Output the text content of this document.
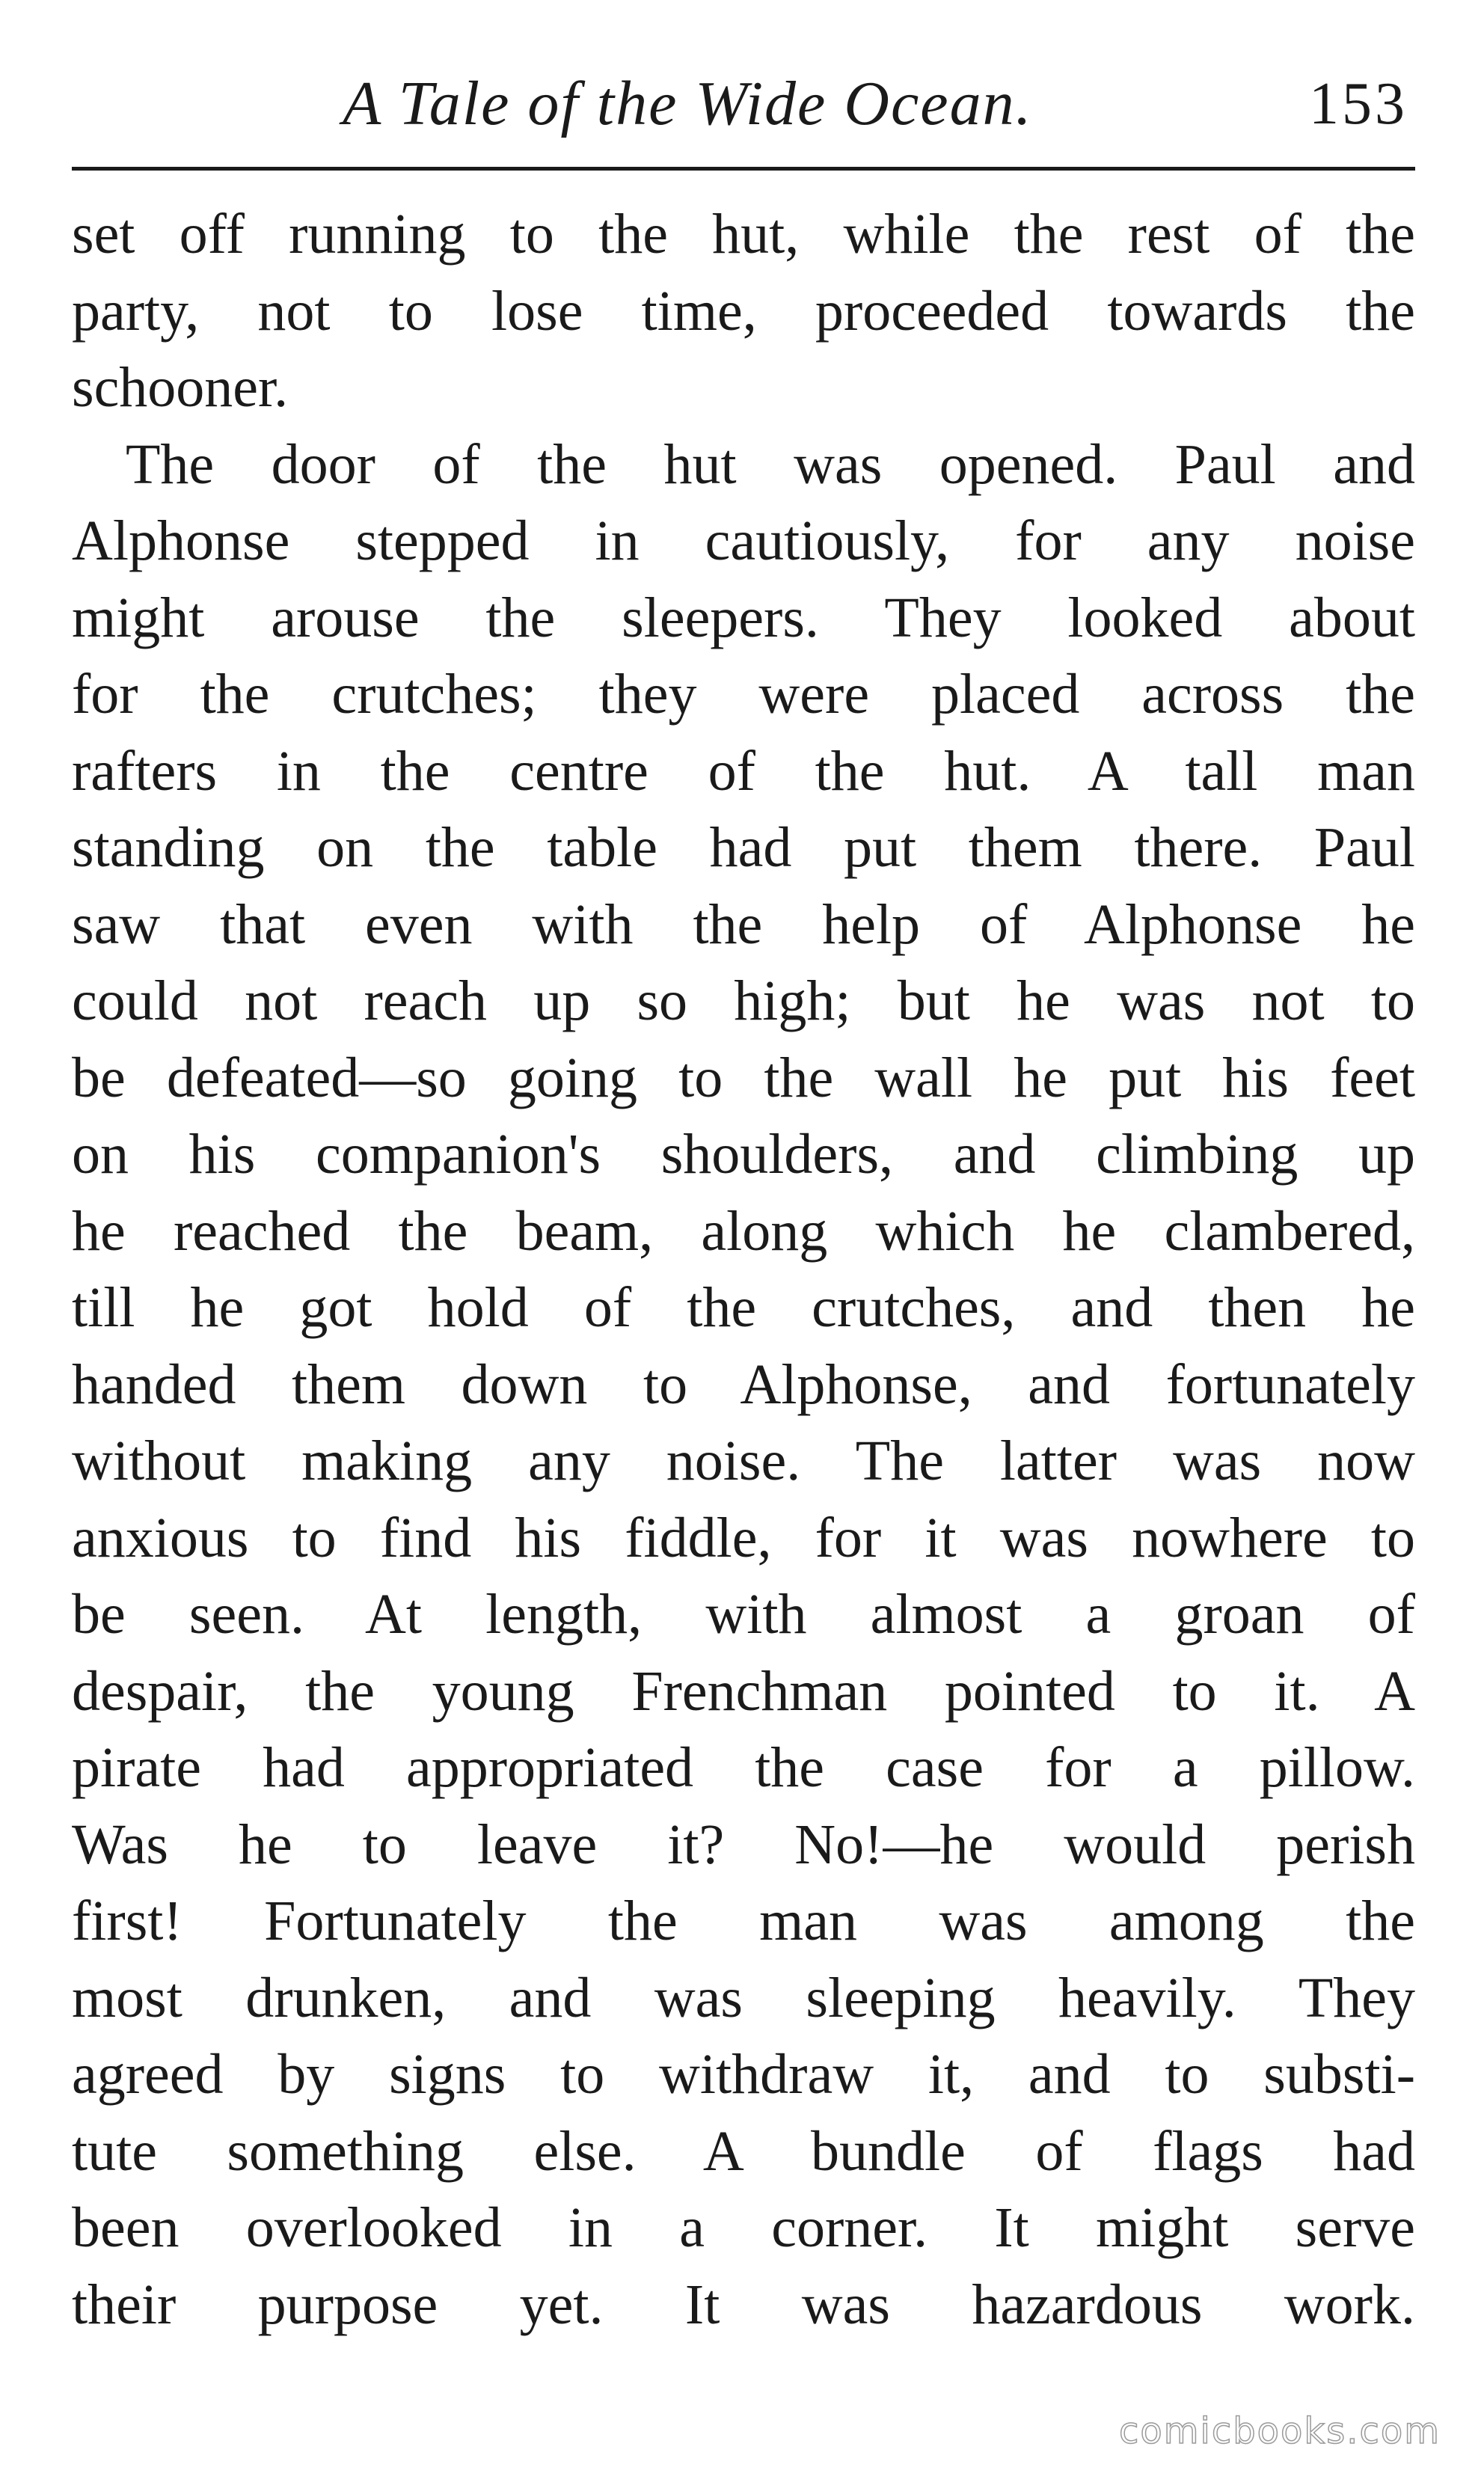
A Tale of the Wide Ocean.	153
set off running to the hut, while the rest of the
party, not to lose time, proceeded towards the
schooner.
The door of the hut was opened. Paul and
Alphonse stepped in cautiously, for any noise
might arouse the sleepers. They looked about
for the crutches; they were placed across the
rafters in the centre of the hut. A tall man
standing on the table had put them there. Paul
saw that even with the help of Alphonse he
could not reach up so high; but he was not to
be defeated—so going to the wall he put his feet
on his companion's shoulders, and climbing up
he reached the beam, along which he clambered,
till he got hold of the crutches, and then he
handed them down to Alphonse, and fortunately
without making any noise. The latter was now
anxious to find his fiddle, for it was nowhere to
be seen. At length, with almost a groan of
despair, the young Frenchman pointed to it. A
pirate had appropriated the case for a pillow.
Was he to leave it? No!—he would perish
first! Fortunately the man was among the
most drunken, and was sleeping heavily. They
agreed by signs to withdraw it, and to substi-
tute something else. A bundle of flags had
been overlooked in a corner. It might serve
their purpose yet. It was hazardous work.
comicbooks.com
